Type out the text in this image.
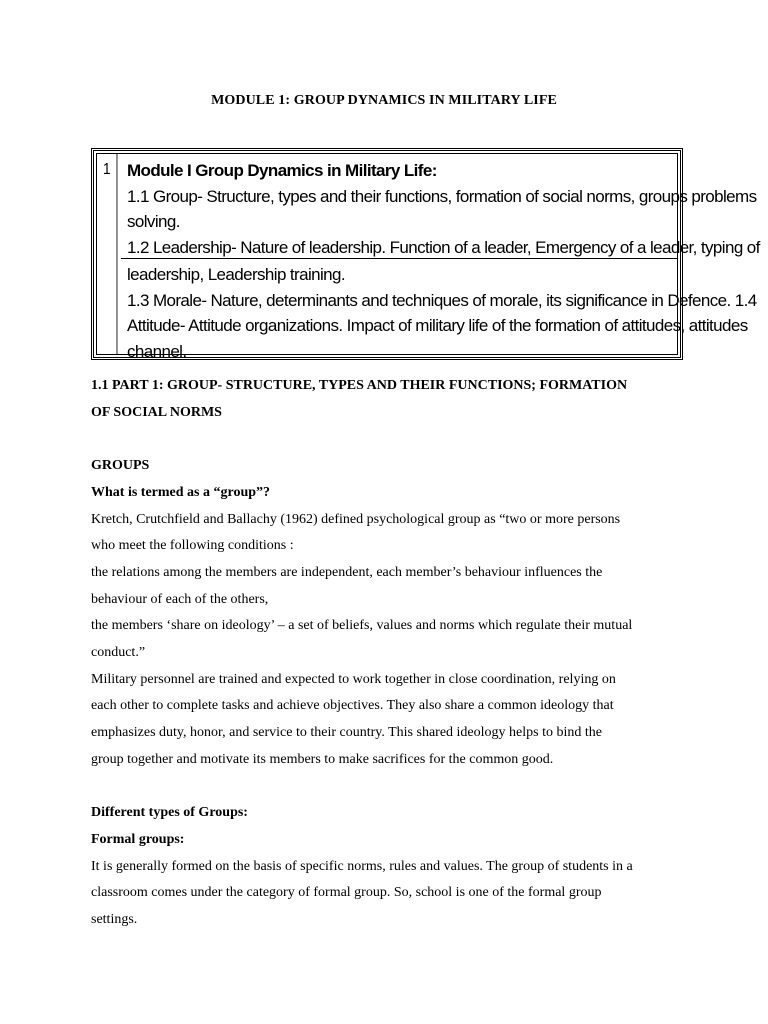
MODULE 1: GROUP DYNAMICS IN MILITARY LIFE
1 Module I Group Dynamics in Military Life:
1.1 Group- Structure, types and their functions, formation of social norms, groups problems
solving.
1.2 Leadership- Nature of leadership. Function of a leader, Emergency of a leader, typing of
leadership, Leadership training.
1.3 Morale- Nature, determinants and techniques of morale, its significance in Defence. 1.4
Attitude- Attitude organizations. Impact of military life of the formation of attitudes, attitudes
channel.

1.1 PART 1: GROUP- STRUCTURE, TYPES AND THEIR FUNCTIONS; FORMATION

OF SOCIAL NORMS

GROUPS

What is termed as a “group”?

Kretch, Crutchfield and Ballachy (1962) defined psychological group as “two or more persons

who meet the following conditions :

the relations among the members are independent, each member’s behaviour influences the

behaviour of each of the others,

the members ‘share on ideology’ – a set of beliefs, values and norms which regulate their mutual

conduct.”

Military personnel are trained and expected to work together in close coordination, relying on

each other to complete tasks and achieve objectives. They also share a common ideology that

emphasizes duty, honor, and service to their country. This shared ideology helps to bind the

group together and motivate its members to make sacrifices for the common good.

Different types of Groups:

Formal groups:

It is generally formed on the basis of specific norms, rules and values. The group of students in a

classroom comes under the category of formal group. So, school is one of the formal group

settings.
